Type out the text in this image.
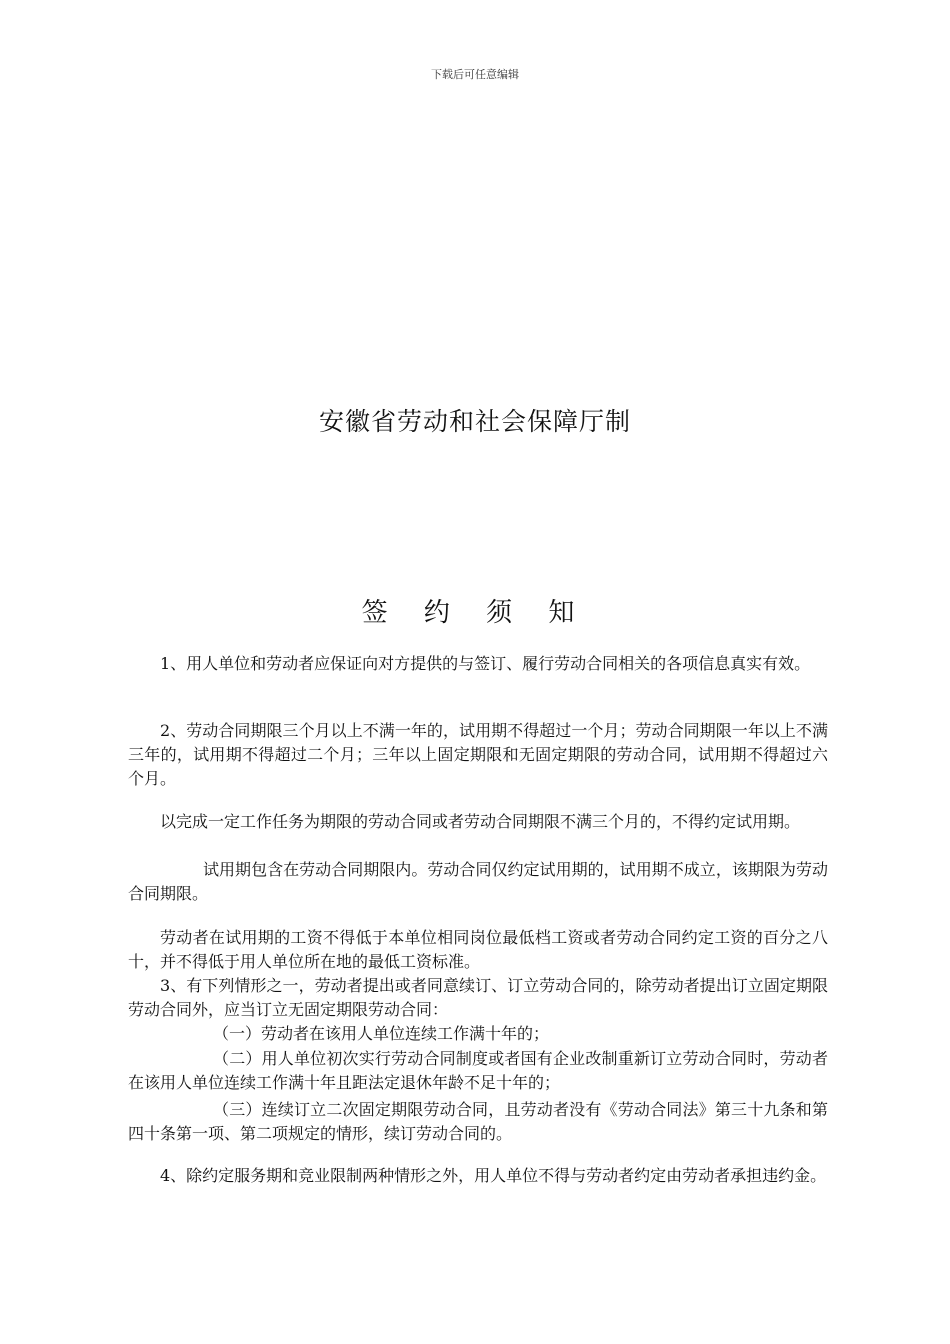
下载后可任意编辑
安徽省劳动和社会保障厅制
签 约 须 知

1、用人单位和劳动者应保证向对方提供的与签订、履行劳动合同相关的各项信息真实有效。

2、劳动合同期限三个月以上不满一年的，试用期不得超过一个月；劳动合同期限一年以上不满三年的，试用期不得超过二个月；三年以上固定期限和无固定期限的劳动合同，试用期不得超过六个月。

以完成一定工作任务为期限的劳动合同或者劳动合同期限不满三个月的，不得约定试用期。

试用期包含在劳动合同期限内。劳动合同仅约定试用期的，试用期不成立，该期限为劳动合同期限。

劳动者在试用期的工资不得低于本单位相同岗位最低档工资或者劳动合同约定工资的百分之八十，并不得低于用人单位所在地的最低工资标准。

3、有下列情形之一，劳动者提出或者同意续订、订立劳动合同的，除劳动者提出订立固定期限劳动合同外，应当订立无固定期限劳动合同：

（一）劳动者在该用人单位连续工作满十年的；

（二）用人单位初次实行劳动合同制度或者国有企业改制重新订立劳动合同时，劳动者在该用人单位连续工作满十年且距法定退休年龄不足十年的；

（三）连续订立二次固定期限劳动合同，且劳动者没有《劳动合同法》第三十九条和第四十条第一项、第二项规定的情形，续订劳动合同的。

4、除约定服务期和竞业限制两种情形之外，用人单位不得与劳动者约定由劳动者承担违约金。
